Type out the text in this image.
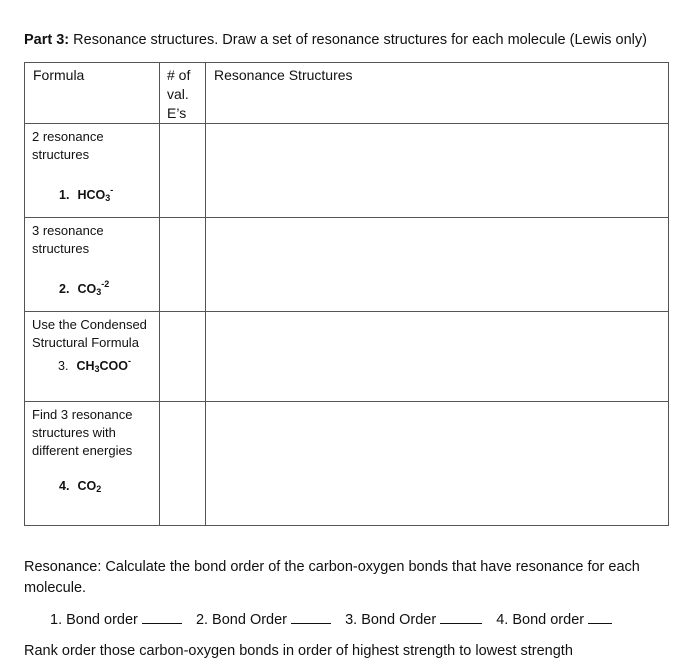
Part 3: Resonance structures. Draw a set of resonance structures for each molecule (Lewis only)
Formula	# of
val.
E’s	Resonance Structures

2 resonance
structures
1. $HCO_3^-$

3 resonance
structures
2. $CO_3^{-2}$

Use the Condensed
Structural Formula
3. $CH_3COO^-$

Find 3 resonance
structures with
different energies
4. $CO_2$

Resonance: Calculate the bond order of the carbon-oxygen bonds that have resonance for each molecule.
1. Bond order	2. Bond Order	3. Bond Order	4. Bond order
Rank order those carbon-oxygen bonds in order of highest strength to lowest strength
